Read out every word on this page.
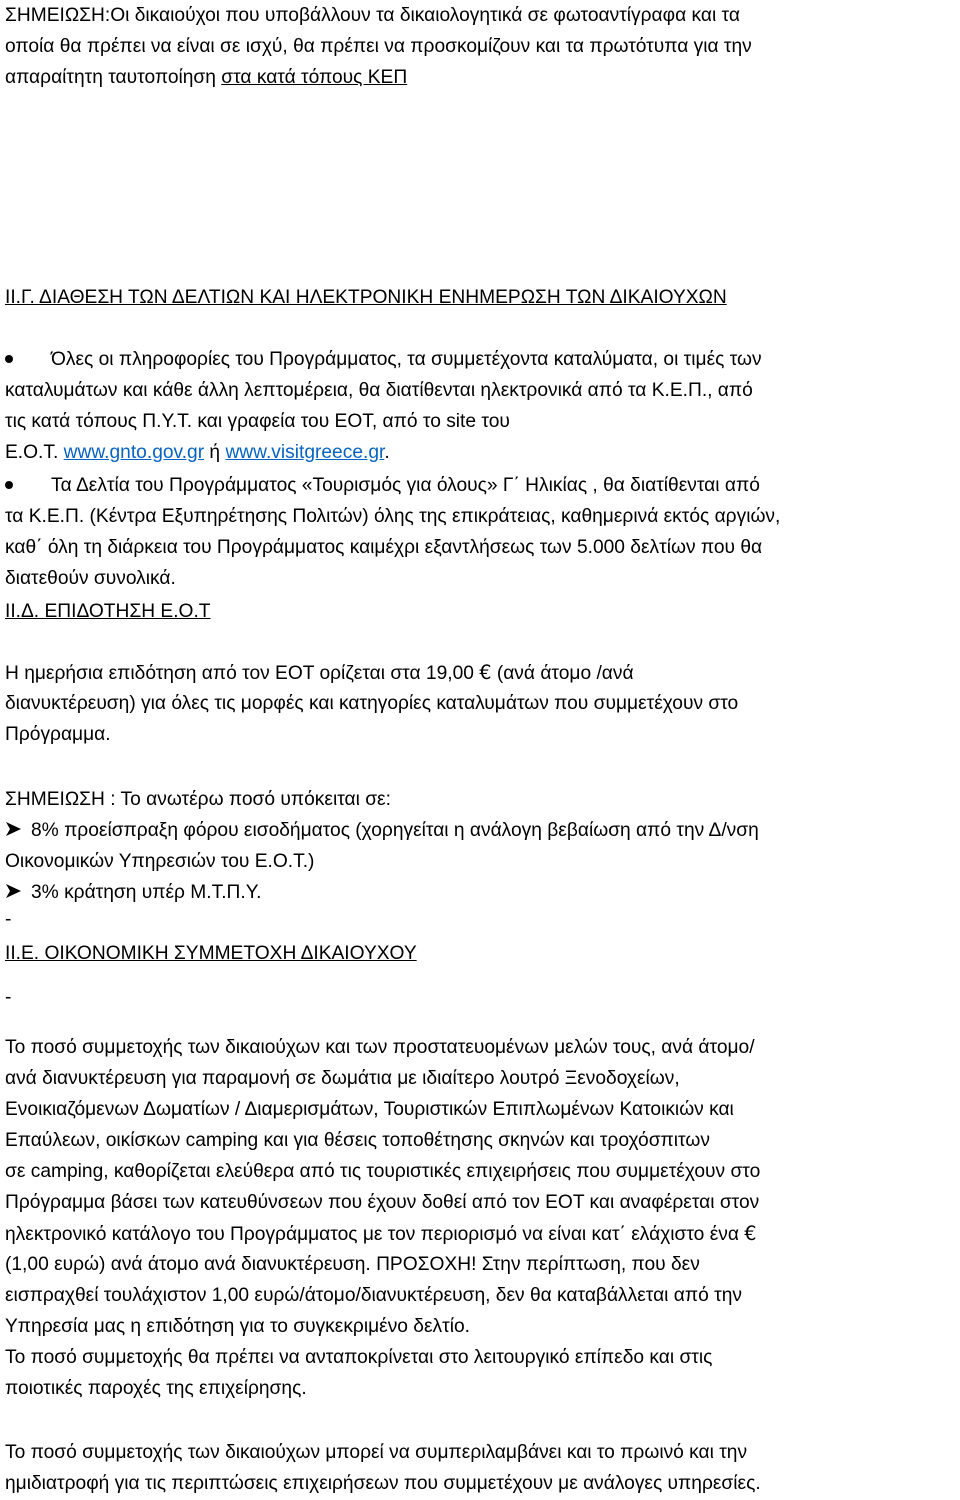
ΣΗΜΕΙΩΣΗ:Οι δικαιούχοι που υποβάλλουν τα δικαιολογητικά σε φωτοαντίγραφα και τα
οποία θα πρέπει να είναι σε ισχύ, θα πρέπει να προσκομίζουν και τα πρωτότυπα για την
απαραίτητη ταυτοποίηση στα κατά τόπους ΚΕΠ
ΙΙ.Γ. ΔΙΑΘΕΣΗ ΤΩΝ ΔΕΛΤΙΩΝ ΚΑΙ ΗΛΕΚΤΡΟΝΙΚΗ ΕΝΗΜΕΡΩΣΗ ΤΩΝ ΔΙΚΑΙΟΥΧΩΝ
Όλες οι πληροφορίες του Προγράμματος, τα συμμετέχοντα καταλύματα, οι τιμές των
καταλυμάτων και κάθε άλλη λεπτομέρεια, θα διατίθενται ηλεκτρονικά από τα Κ.Ε.Π., από
τις κατά τόπους Π.Υ.Τ. και γραφεία του ΕΟΤ, από το site του
Ε.Ο.Τ. www.gnto.gov.gr ή www.visitgreece.gr.
Τα Δελτία του Προγράμματος «Τουρισμός για όλους» Γ΄ Ηλικίας , θα διατίθενται από
τα Κ.Ε.Π. (Κέντρα Εξυπηρέτησης Πολιτών) όλης της επικράτειας, καθημερινά εκτός αργιών,
καθ΄ όλη τη διάρκεια του Προγράμματος καιμέχρι εξαντλήσεως των 5.000 δελτίων που θα
διατεθούν συνολικά.
ΙΙ.Δ. ΕΠΙΔΟΤΗΣΗ Ε.Ο.Τ
Η ημερήσια επιδότηση από τον ΕΟΤ ορίζεται στα 19,00 € (ανά άτομο /ανά
διανυκτέρευση) για όλες τις μορφές και κατηγορίες καταλυμάτων που συμμετέχουν στο
Πρόγραμμα.
ΣΗΜΕΙΩΣΗ : Το ανωτέρω ποσό υπόκειται σε:
8% προείσπραξη φόρου εισοδήματος (χορηγείται η ανάλογη βεβαίωση από την Δ/νση
Οικονομικών Υπηρεσιών του Ε.Ο.Τ.)
3% κράτηση υπέρ Μ.Τ.Π.Υ.
-
ΙΙ.Ε. ΟΙΚΟΝΟΜΙΚΗ ΣΥΜΜΕΤΟΧΗ ΔΙΚΑΙΟΥΧΟΥ
-
Το ποσό συμμετοχής των δικαιούχων και των προστατευομένων μελών τους, ανά άτομο/
ανά διανυκτέρευση για παραμονή σε δωμάτια με ιδιαίτερο λουτρό Ξενοδοχείων,
Ενοικιαζόμενων Δωματίων / Διαμερισμάτων, Τουριστικών Επιπλωμένων Κατοικιών και
Επαύλεων, οικίσκων camping και για θέσεις τοποθέτησης σκηνών και τροχόσπιτων
σε camping, καθορίζεται ελεύθερα από τις τουριστικές επιχειρήσεις που συμμετέχουν στο
Πρόγραμμα βάσει των κατευθύνσεων που έχουν δοθεί από τον ΕΟΤ και αναφέρεται στον
ηλεκτρονικό κατάλογο του Προγράμματος με τον περιορισμό να είναι κατ΄ ελάχιστο ένα €
(1,00 ευρώ) ανά άτομο ανά διανυκτέρευση. ΠΡΟΣΟΧΗ! Στην περίπτωση, που δεν
εισπραχθεί τουλάχιστον 1,00 ευρώ/άτομο/διανυκτέρευση, δεν θα καταβάλλεται από την
Υπηρεσία μας η επιδότηση για το συγκεκριμένο δελτίο.
Το ποσό συμμετοχής θα πρέπει να ανταποκρίνεται στο λειτουργικό επίπεδο και στις
ποιοτικές παροχές της επιχείρησης.
Το ποσό συμμετοχής των δικαιούχων μπορεί να συμπεριλαμβάνει και το πρωινό και την
ημιδιατροφή για τις περιπτώσεις επιχειρήσεων που συμμετέχουν με ανάλογες υπηρεσίες.
